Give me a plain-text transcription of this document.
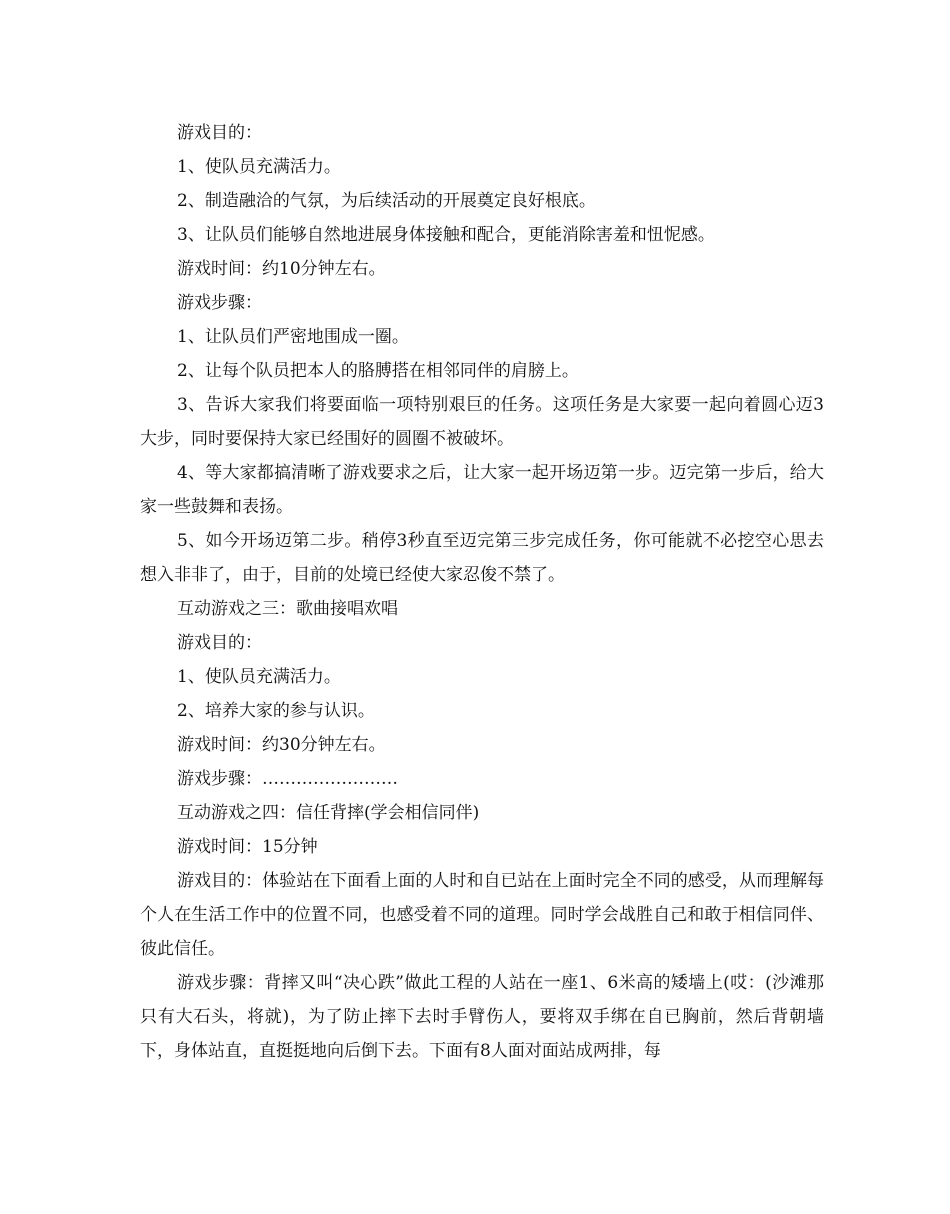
游戏目的：

1、使队员充满活力。

2、制造融洽的气氛，为后续活动的开展奠定良好根底。

3、让队员们能够自然地进展身体接触和配合，更能消除害羞和忸怩感。

游戏时间：约10分钟左右。

游戏步骤：

1、让队员们严密地围成一圈。

2、让每个队员把本人的胳膊搭在相邻同伴的肩膀上。

3、告诉大家我们将要面临一项特别艰巨的任务。这项任务是大家要一起向着圆心迈3大步，同时要保持大家已经围好的圆圈不被破坏。

4、等大家都搞清晰了游戏要求之后，让大家一起开场迈第一步。迈完第一步后，给大家一些鼓舞和表扬。

5、如今开场迈第二步。稍停3秒直至迈完第三步完成任务，你可能就不必挖空心思去想入非非了，由于，目前的处境已经使大家忍俊不禁了。

互动游戏之三：歌曲接唱欢唱

游戏目的：

1、使队员充满活力。

2、培养大家的参与认识。

游戏时间：约30分钟左右。

游戏步骤：……………………

互动游戏之四：信任背摔(学会相信同伴)

游戏时间：15分钟

游戏目的：体验站在下面看上面的人时和自已站在上面时完全不同的感受，从而理解每个人在生活工作中的位置不同，也感受着不同的道理。同时学会战胜自己和敢于相信同伴、彼此信任。

游戏步骤：背摔又叫“决心跌”做此工程的人站在一座1、6米高的矮墙上(哎：(沙滩那只有大石头，将就)，为了防止摔下去时手臂伤人，要将双手绑在自已胸前，然后背朝墙下，身体站直，直挺挺地向后倒下去。下面有8人面对面站成两排，每
